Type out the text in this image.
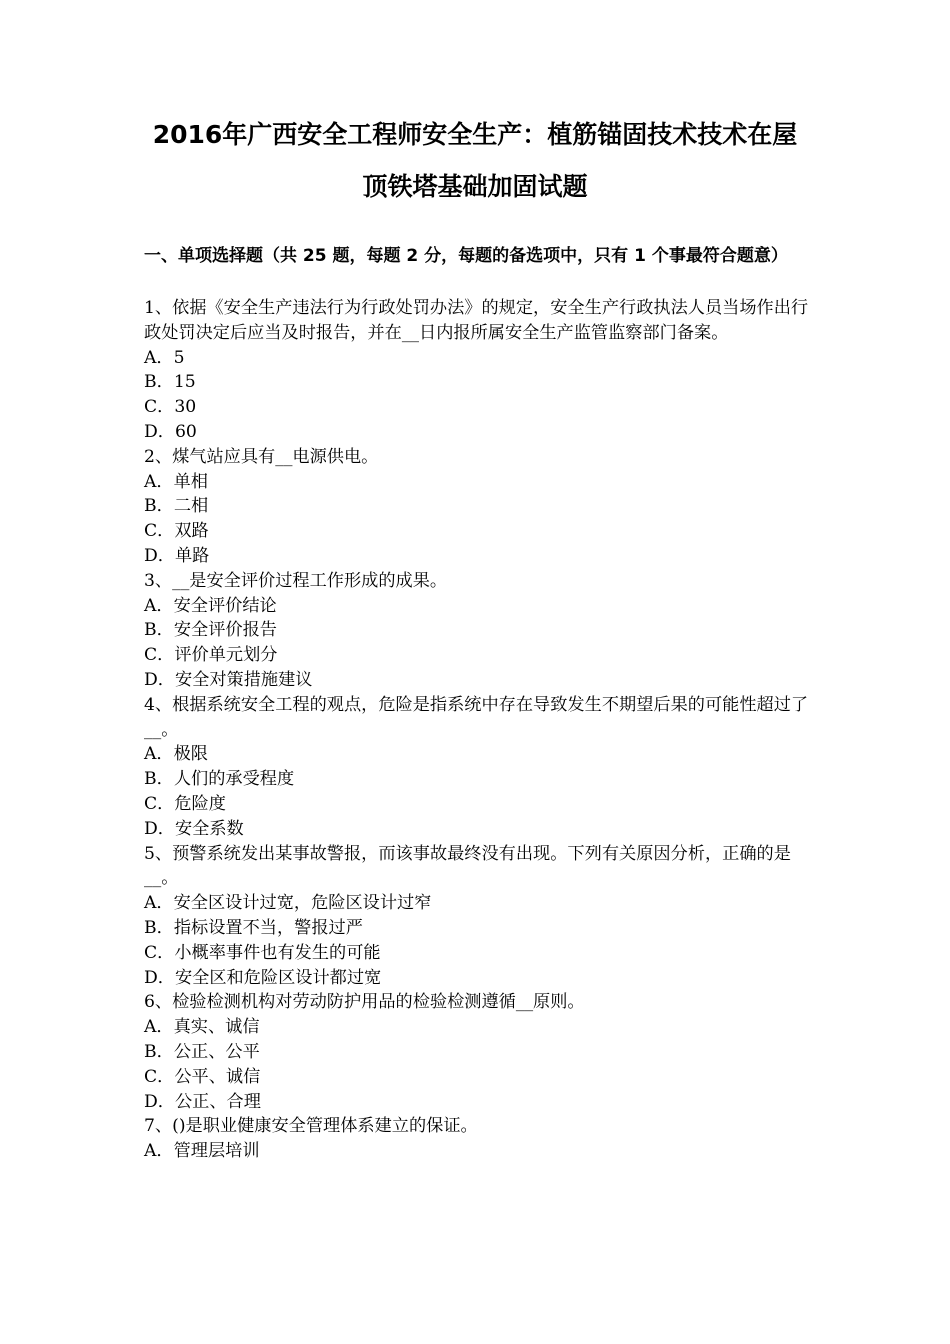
2016年广西安全工程师安全生产：植筋锚固技术技术在屋
顶铁塔基础加固试题
一、单项选择题（共 25 题，每题 2 分，每题的备选项中，只有 1 个事最符合题意）

1、依据《安全生产违法行为行政处罚办法》的规定，安全生产行政执法人员当场作出行政处罚决定后应当及时报告，并在__日内报所属安全生产监管监察部门备案。

A．5

B．15

C．30

D．60

2、煤气站应具有__电源供电。

A．单相

B．二相

C．双路

D．单路

3、__是安全评价过程工作形成的成果。

A．安全评价结论

B．安全评价报告

C．评价单元划分

D．安全对策措施建议

4、根据系统安全工程的观点，危险是指系统中存在导致发生不期望后果的可能性超过了__。

A．极限

B．人们的承受程度

C．危险度

D．安全系数

5、预警系统发出某事故警报，而该事故最终没有出现。下列有关原因分析，正确的是__。

A．安全区设计过宽，危险区设计过窄

B．指标设置不当，警报过严

C．小概率事件也有发生的可能

D．安全区和危险区设计都过宽

6、检验检测机构对劳动防护用品的检验检测遵循__原则。

A．真实、诚信

B．公正、公平

C．公平、诚信

D．公正、合理

7、()是职业健康安全管理体系建立的保证。

A．管理层培训
